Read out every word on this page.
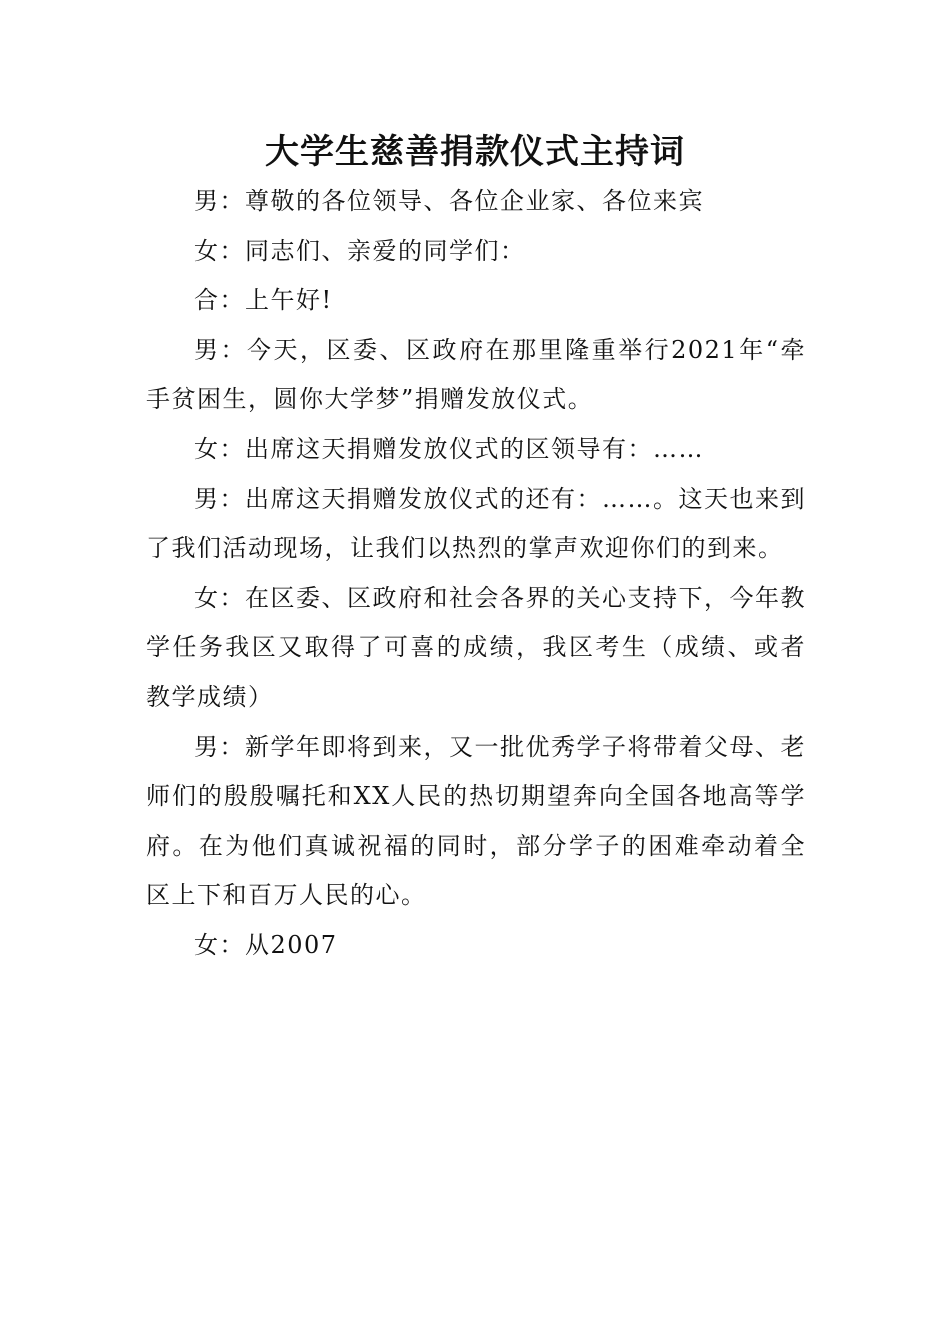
大学生慈善捐款仪式主持词

男：尊敬的各位领导、各位企业家、各位来宾

女：同志们、亲爱的同学们：

合：上午好!

男：今天，区委、区政府在那里隆重举行2021年“牵手贫困生，圆你大学梦”捐赠发放仪式。

女：出席这天捐赠发放仪式的区领导有：……

男：出席这天捐赠发放仪式的还有：……。这天也来到了我们活动现场，让我们以热烈的掌声欢迎你们的到来。

女：在区委、区政府和社会各界的关心支持下，今年教学任务我区又取得了可喜的成绩，我区考生（成绩、或者教学成绩）

男：新学年即将到来，又一批优秀学子将带着父母、老师们的殷殷嘱托和XX人民的热切期望奔向全国各地高等学府。在为他们真诚祝福的同时，部分学子的困难牵动着全区上下和百万人民的心。

女：从2007
